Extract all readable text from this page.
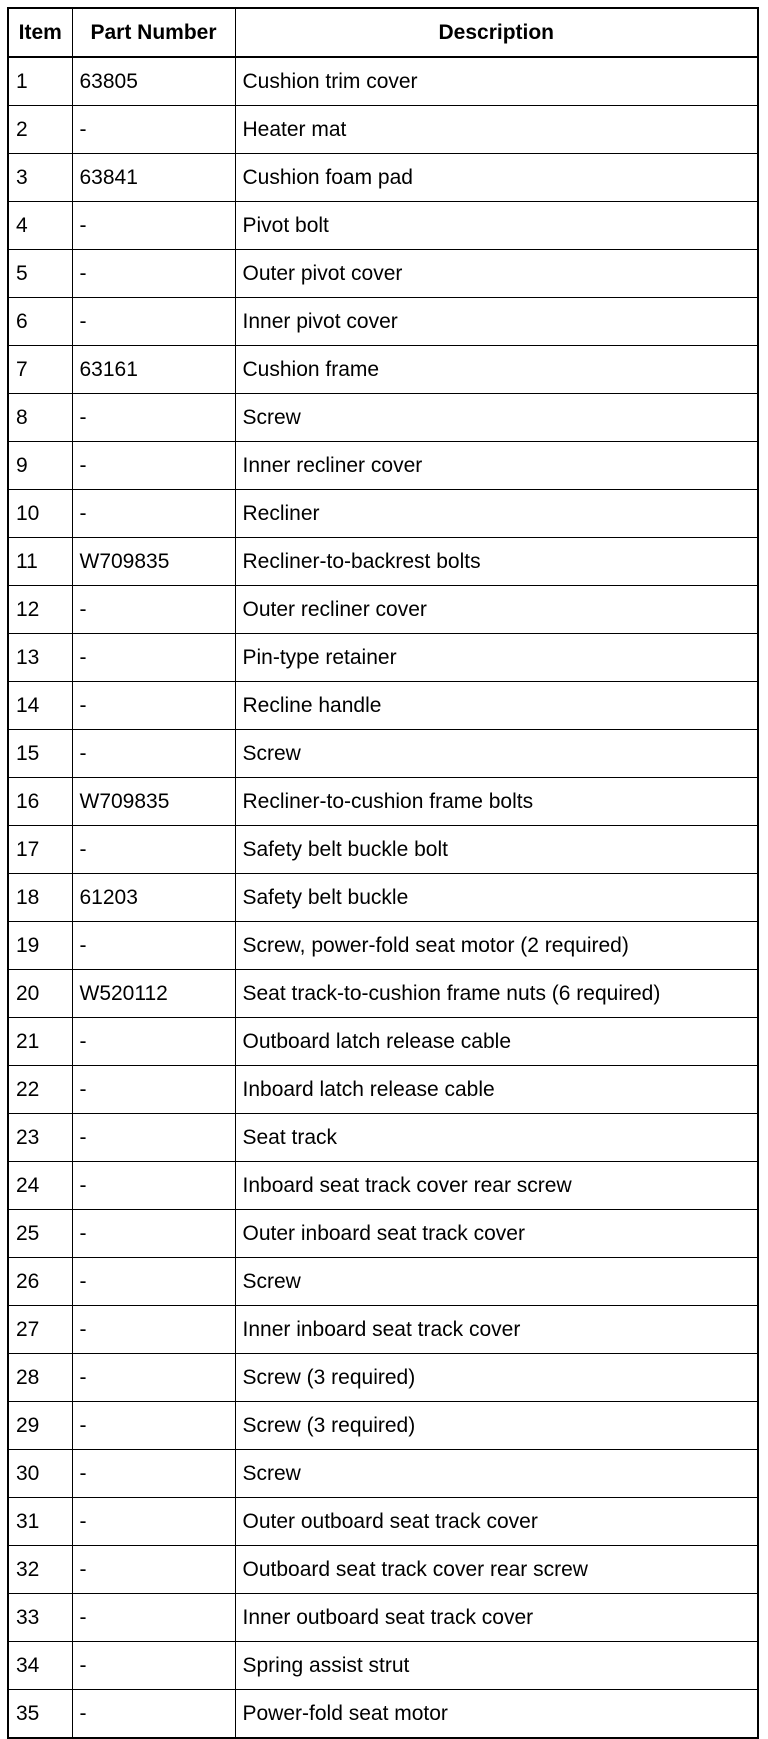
Item	Part Number	Description
1	63805	Cushion trim cover
2	-	Heater mat
3	63841	Cushion foam pad
4	-	Pivot bolt
5	-	Outer pivot cover
6	-	Inner pivot cover
7	63161	Cushion frame
8	-	Screw
9	-	Inner recliner cover
10	-	Recliner
11	W709835	Recliner-to-backrest bolts
12	-	Outer recliner cover
13	-	Pin-type retainer
14	-	Recline handle
15	-	Screw
16	W709835	Recliner-to-cushion frame bolts
17	-	Safety belt buckle bolt
18	61203	Safety belt buckle
19	-	Screw, power-fold seat motor (2 required)
20	W520112	Seat track-to-cushion frame nuts (6 required)
21	-	Outboard latch release cable
22	-	Inboard latch release cable
23	-	Seat track
24	-	Inboard seat track cover rear screw
25	-	Outer inboard seat track cover
26	-	Screw
27	-	Inner inboard seat track cover
28	-	Screw (3 required)
29	-	Screw (3 required)
30	-	Screw
31	-	Outer outboard seat track cover
32	-	Outboard seat track cover rear screw
33	-	Inner outboard seat track cover
34	-	Spring assist strut
35	-	Power-fold seat motor
